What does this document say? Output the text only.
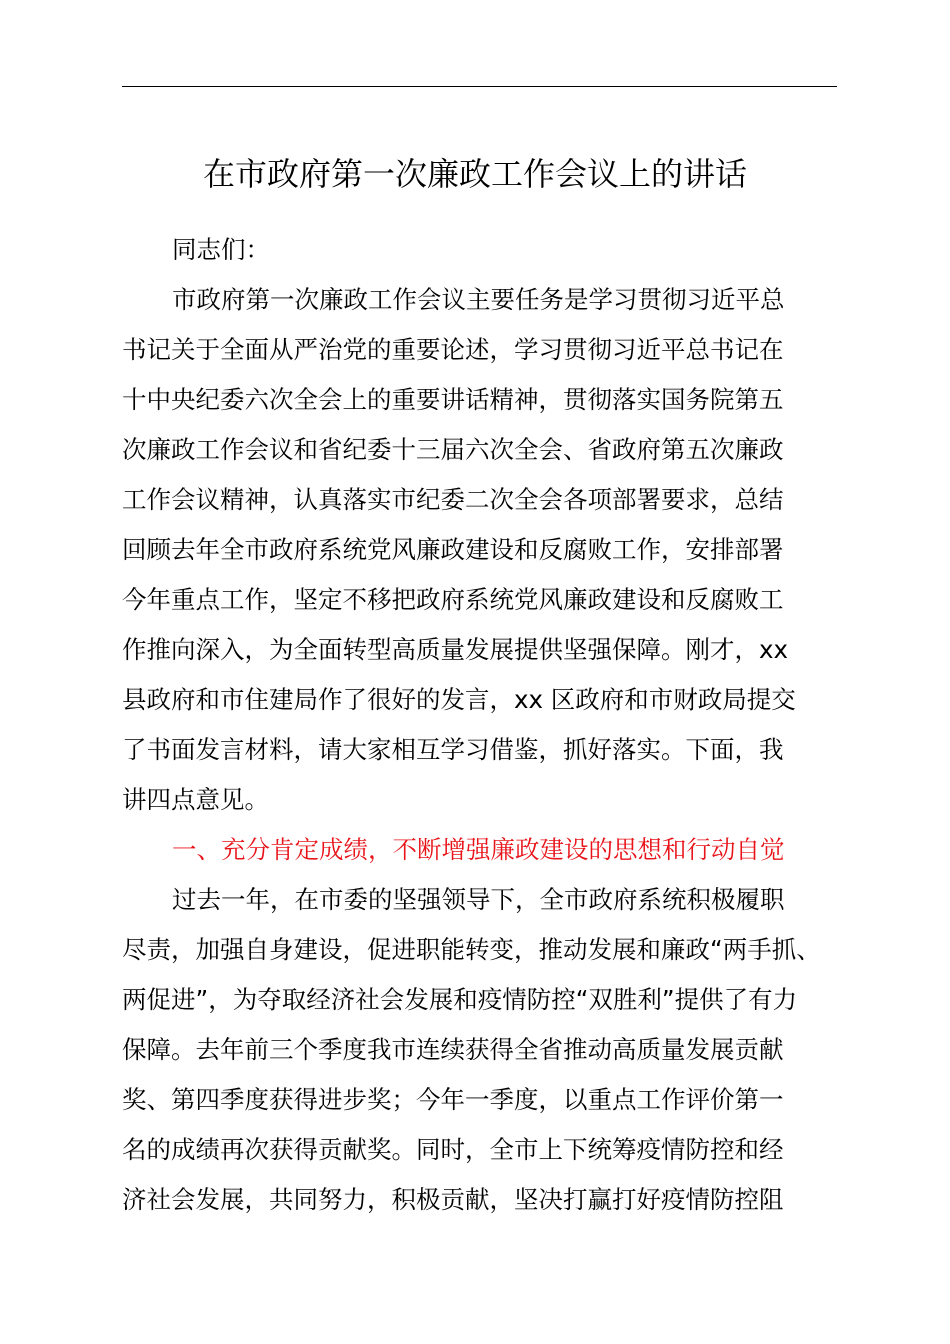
在市政府第一次廉政工作会议上的讲话
同志们：
市政府第一次廉政工作会议主要任务是学习贯彻习近平总
书记关于全面从严治党的重要论述，学习贯彻习近平总书记在
十中央纪委六次全会上的重要讲话精神，贯彻落实国务院第五
次廉政工作会议和省纪委十三届六次全会、省政府第五次廉政
工作会议精神，认真落实市纪委二次全会各项部署要求，总结
回顾去年全市政府系统党风廉政建设和反腐败工作，安排部署
今年重点工作，坚定不移把政府系统党风廉政建设和反腐败工
作推向深入，为全面转型高质量发展提供坚强保障。刚才，xx
县政府和市住建局作了很好的发言，xx 区政府和市财政局提交
了书面发言材料，请大家相互学习借鉴，抓好落实。下面，我
讲四点意见。
一、充分肯定成绩，不断增强廉政建设的思想和行动自觉
过去一年，在市委的坚强领导下，全市政府系统积极履职
尽责，加强自身建设，促进职能转变，推动发展和廉政“两手抓、
两促进”，为夺取经济社会发展和疫情防控“双胜利”提供了有力
保障。去年前三个季度我市连续获得全省推动高质量发展贡献
奖、第四季度获得进步奖；今年一季度，以重点工作评价第一
名的成绩再次获得贡献奖。同时，全市上下统筹疫情防控和经
济社会发展，共同努力，积极贡献，坚决打赢打好疫情防控阻
